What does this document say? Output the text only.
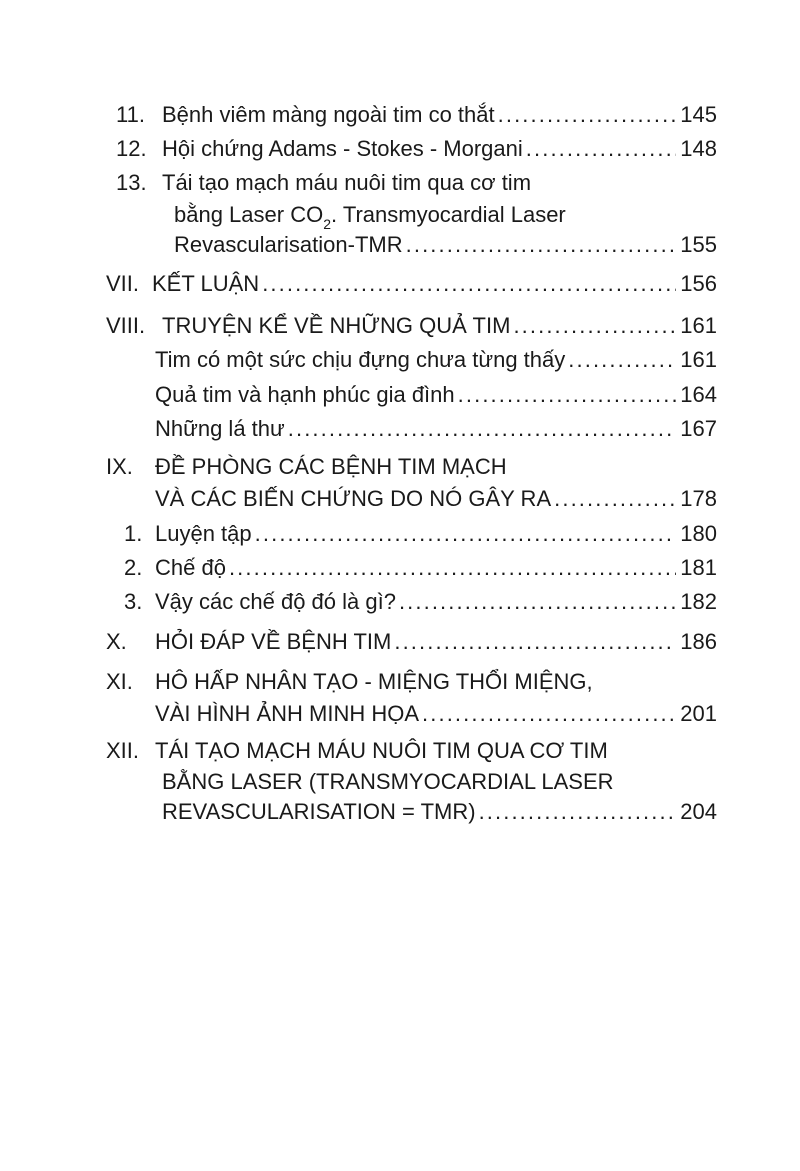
11. Bệnh viêm màng ngoài tim co thắt . . .	145
12. Hội chứng Adams - Stokes - Morgani . . .	148
13. Tái tạo mạch máu nuôi tim qua cơ tim
bằng Laser $CO_2$. Transmyocardial Laser
Revascularisation-TMR . . .	155
VII. KẾT LUẬN . . .	156
VIII. TRUYỆN KỂ VỀ NHỮNG QUẢ TIM . . .	161
Tim có một sức chịu đựng chưa từng thấy . . .	161
Quả tim và hạnh phúc gia đình . . .	164
Những lá thư . . .	167
IX. ĐỀ PHÒNG CÁC BỆNH TIM MẠCH
VÀ CÁC BIẾN CHỨNG DO NÓ GÂY RA . . .	178
1. Luyện tập . . .	180
2. Chế độ . . .	181
3. Vậy các chế độ đó là gì? . . .	182
X. HỎI ĐÁP VỀ BỆNH TIM . . .	186
XI. HÔ HẤP NHÂN TẠO - MIỆNG THỔI MIỆNG,
VÀI HÌNH ẢNH MINH HỌA . . .	201
XII. TÁI TẠO MẠCH MÁU NUÔI TIM QUA CƠ TIM
BẰNG LASER (TRANSMYOCARDIAL LASER
REVASCULARISATION = TMR) . . .	204
